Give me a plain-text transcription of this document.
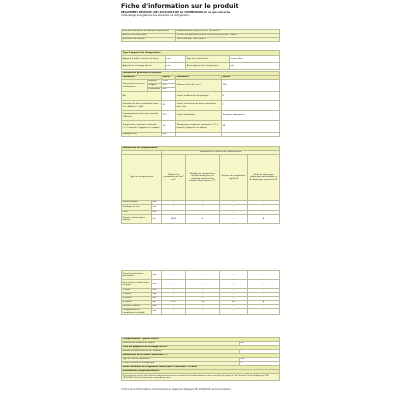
Fiche d'information sur le produit
RÈGLEMENT DÉLÉGUÉ (UE) 2019/2016 DE LA COMMISSION en ce qui concerne
l'étiquetage énergétique des appareils de réfrigération
Nom du fournisseur ou marque commerciale	Établissements Darty & fils (c) THOMSON
Adresse du fournisseur	14 Rue des Bateaux-Lavoirs, 94200 Ivry-sur-Seine, France
Référence du modèle	THD315NFWH, THD315NFCL
Type d'appareil de réfrigération:			
Appareil à faible émission de bruit:	non	Type de construction:	à pose libre
Appareil de stockage du vin:	non	Autre appareil de réfrigération:	oui
Paramètres généraux du produit:				
Paramètre		Valeur	Paramètre	Valeur
Dimensions hors tout (millimètres)	Hauteur	1780	Volume total (dm³ ou l)	326
	Largeur	595		
	Profondeur	655		
IEE			Classe d'efficacité énergétique	E
Émission de bruit acoustique dans l'air (dB(A) re 1 pW)		41	Classe d'émission de bruit acoustique dans l'air	C
Consommation d'énergie annuelle (kWh/an)		272	Classe climatique:	Tempéré/ subtropical
Température ambiante minimale (°C) à laquelle l'appareil est adapté		10	Température ambiante maximale (°C) à laquelle l'appareil est adapté	38
Réglage hiver		non		
Paramètres du compartiment:					
		Paramètres et valeurs du compartiment			
Type de compartiment		Volume du compartiment (dm³ ou l)	Réglage de température recommandé pour un stockage optimisé des denrées alimentaires (°C)	Pouvoir de congélation (kg/24 h)	Mode de dégivrage (dégivrage automatique = A, dégivrage manuel = M)
Garde-manger	non	—	—	—	—
Stockage du vin	non	—	—	—	—
Cave	non	—	—	—	—
Denrées alimentaires fraîches	oui	2450	4	—	A
Denrées hautement périssables	non	—	—	—	—
Sans étoile ou fabrication de glace	non	—	—	—	—
1 étoile	non	—	—	—	—
2 étoiles	non	—	—	—	—
3 étoiles	non	—	—	—	—
4 étoiles	oui	81.0	-18	4.0	A
Section 2 étoiles	non	—	—	—	—
Compartiment à température variable	non	—	—	—	—
Compartiments "quatre étoiles"	
Fonction de congélation rapide	oui
Pour les appareils de stockage du vin:	
Nombre de bouteilles de vin standard	—
Paramètres de la source lumineuse (*)	
Type de source lumineuse	LED
Classe d'efficacité énergétique	F
Durée minimale de la garantie offerte par le fabricant : 24 mois	
Informations complémentaires:	
Lien internet vers le site internet du fournisseur où se trouvent les informations visées au point 4, point a), de l'annexe IV du règlement (UE) 2019/2016 de la Commission: www.darty.com	
(*) Pour plus d'informations conformément au règlement délégué (UE) 2019/2015 de la Commission.
